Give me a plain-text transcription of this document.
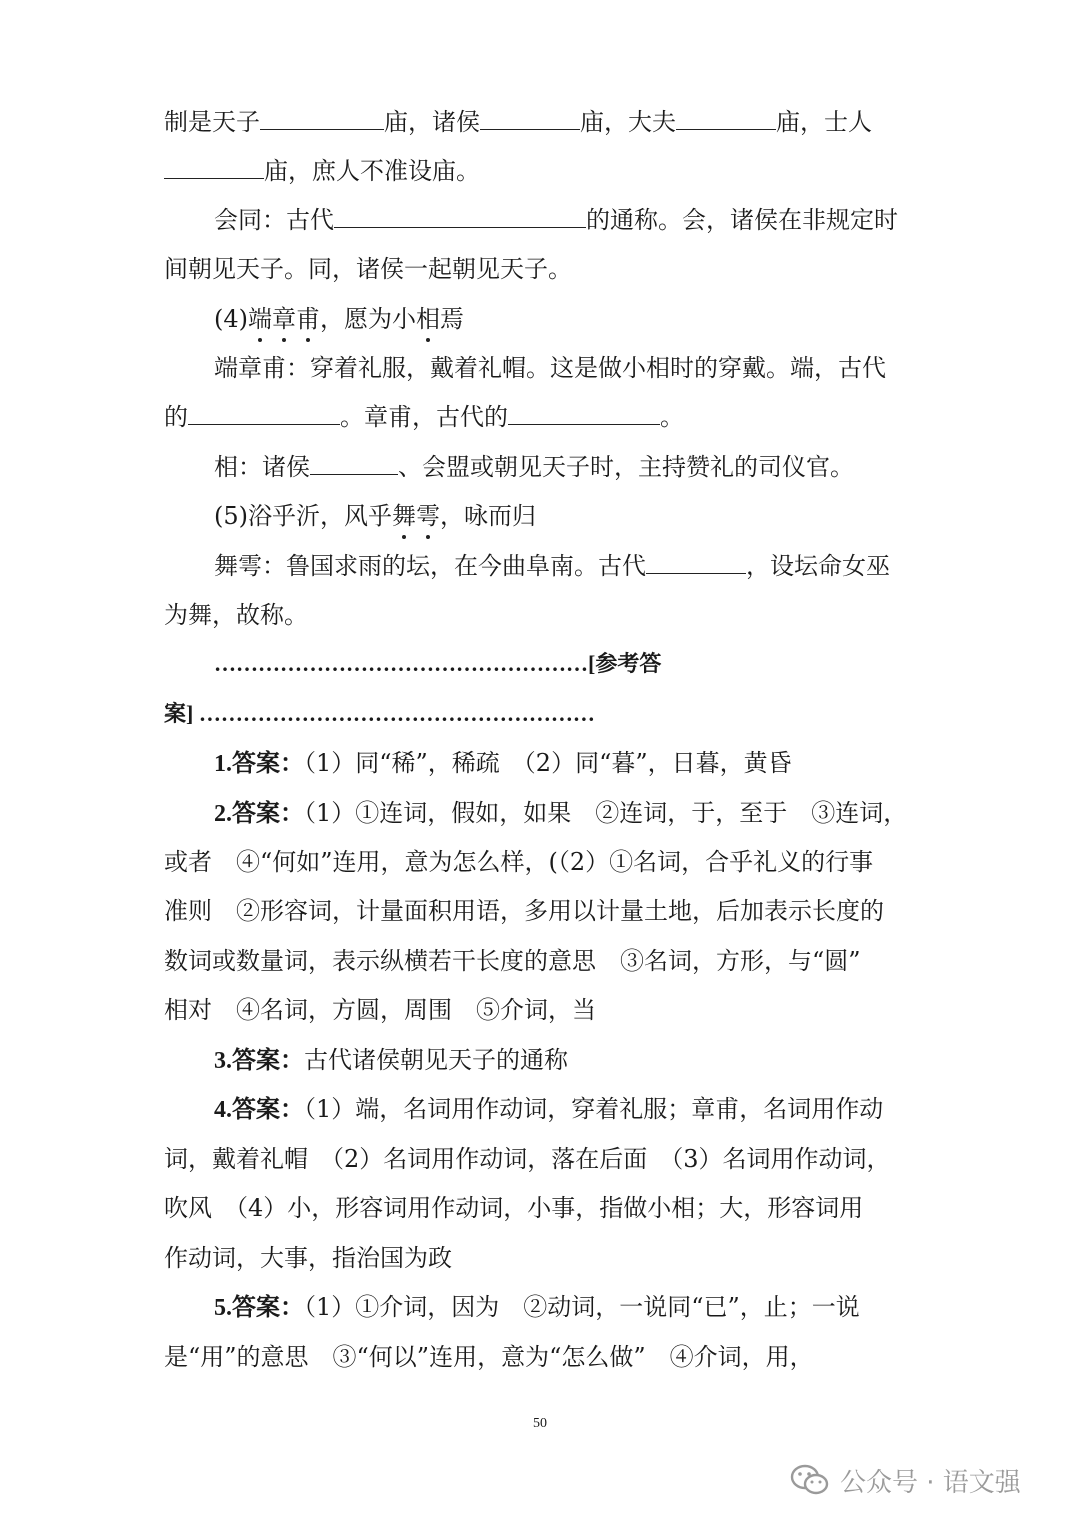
制是天子	庙，诸侯	庙，大夫	庙，士人
庙，庶人不准设庙。
会同：古代	的通称。会，诸侯在非规定时
间朝见天子。同，诸侯一起朝见天子。
(4)端章甫，愿为小相焉
端章甫：穿着礼服，戴着礼帽。这是做小相时的穿戴。端，古代
的	。章甫，古代的	。
相：诸侯	、会盟或朝见天子时，主持赞礼的司仪官。
(5)浴乎沂，风乎舞雩，咏而归
舞雩：鲁国求雨的坛，在今曲阜南。古代	，设坛命女巫
为舞，故称。
……………………………………………[参考答
案] ………………………………………………
1.答案：（1）同“稀”，稀疏　（2）同“暮”，日暮，黄昏
2.答案：（1）①连词，假如，如果　②连词，于，至于　③连词，
或者　④“何如”连用，意为怎么样，(（2）①名词，合乎礼义的行事
准则　②形容词，计量面积用语，多用以计量土地，后加表示长度的
数词或数量词，表示纵横若干长度的意思　③名词，方形，与“圆”
相对　④名词，方圆，周围　⑤介词，当
3.答案：古代诸侯朝见天子的通称
4.答案：（1）端，名词用作动词，穿着礼服；章甫，名词用作动
词，戴着礼帽　（2）名词用作动词，落在后面　（3）名词用作动词，
吹风　（4）小，形容词用作动词，小事，指做小相；大，形容词用
作动词，大事，指治国为政
5.答案：（1）①介词，因为　②动词，一说同“已”，止；一说
是“用”的意思　③“何以”连用，意为“怎么做”　④介词，用，
50
公众号 · 语文强
